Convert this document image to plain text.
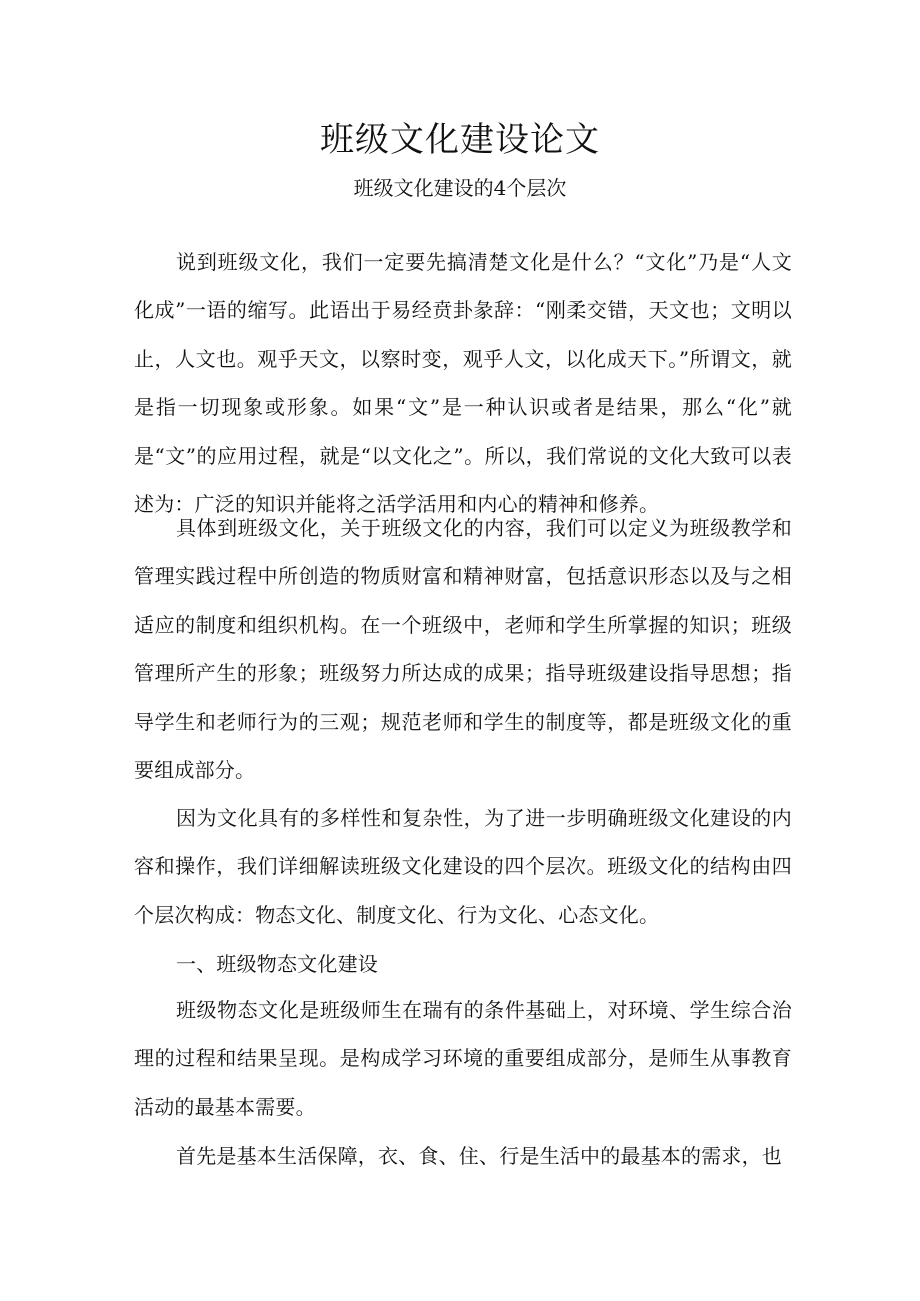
班级文化建设论文
班级文化建设的4个层次

说到班级文化，我们一定要先搞清楚文化是什么？“文化”乃是“人文化成”一语的缩写。此语出于易经贲卦彖辞：“刚柔交错，天文也；文明以止，人文也。观乎天文，以察时变，观乎人文，以化成天下。”所谓文，就是指一切现象或形象。如果“文”是一种认识或者是结果，那么“化”就是“文”的应用过程，就是“以文化之”。所以，我们常说的文化大致可以表述为：广泛的知识并能将之活学活用和内心的精神和修养。

具体到班级文化，关于班级文化的内容，我们可以定义为班级教学和管理实践过程中所创造的物质财富和精神财富，包括意识形态以及与之相适应的制度和组织机构。在一个班级中，老师和学生所掌握的知识；班级管理所产生的形象；班级努力所达成的成果；指导班级建设指导思想；指导学生和老师行为的三观；规范老师和学生的制度等，都是班级文化的重要组成部分。

因为文化具有的多样性和复杂性，为了进一步明确班级文化建设的内容和操作，我们详细解读班级文化建设的四个层次。班级文化的结构由四个层次构成：物态文化、制度文化、行为文化、心态文化。

一、班级物态文化建设

班级物态文化是班级师生在瑞有的条件基础上，对环境、学生综合治理的过程和结果呈现。是构成学习环境的重要组成部分，是师生从事教育活动的最基本需要。

首先是基本生活保障，衣、食、住、行是生活中的最基本的需求，也
